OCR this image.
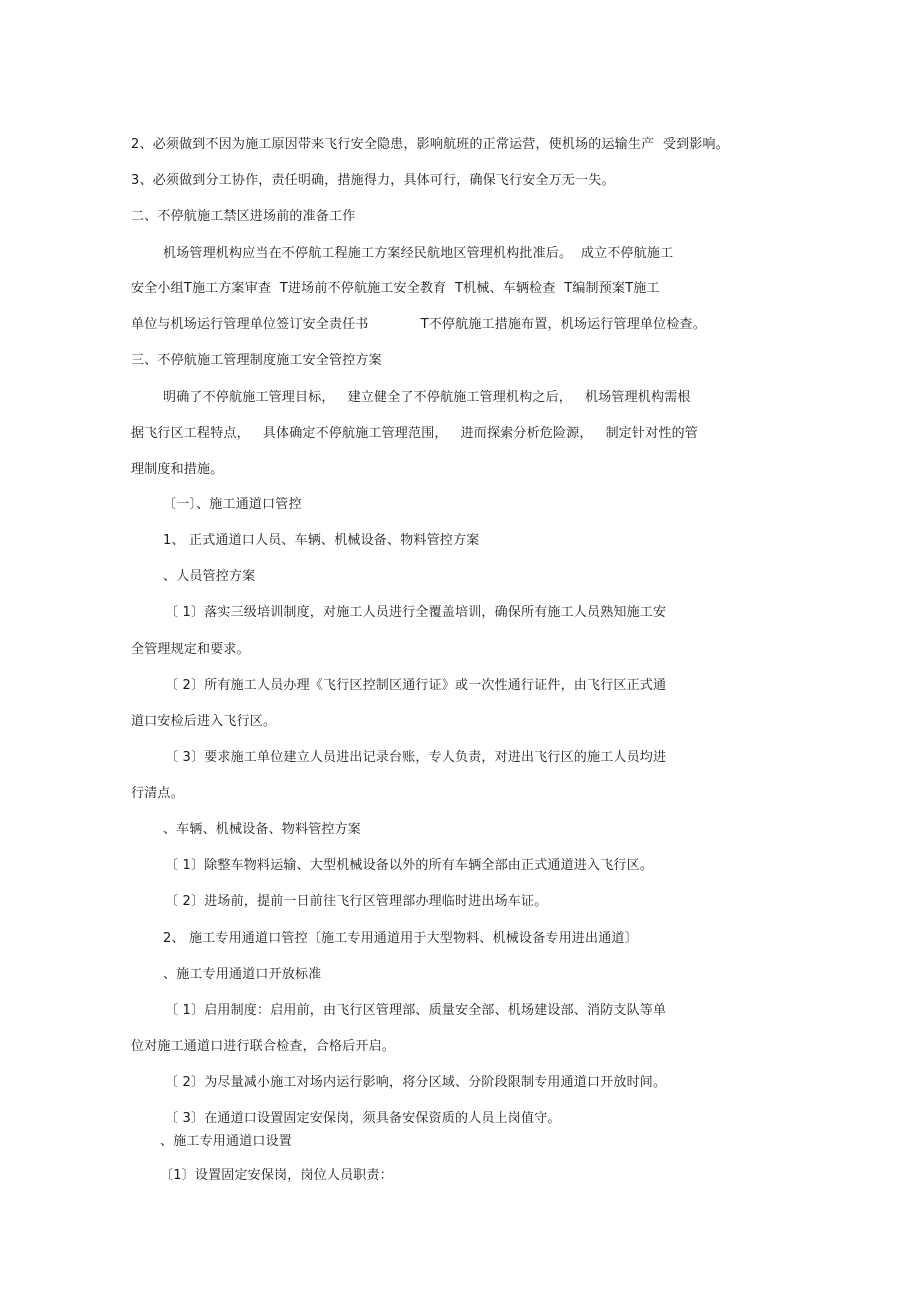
2、必须做到不因为施工原因带来飞行安全隐患，影响航班的正常运营，使机场的运输生产  受到影响。
3、必须做到分工协作，责任明确，措施得力，具体可行，确保飞行安全万无一失。
二、不停航施工禁区进场前的准备工作
机场管理机构应当在不停航工程施工方案经民航地区管理机构批准后。  成立不停航施工
安全小组T施工方案审查  T进场前不停航施工安全教育  T机械、车辆检查  T编制预案T施工
单位与机场运行管理单位签订安全责任书            T不停航施工措施布置，机场运行管理单位检查。
三、不停航施工管理制度施工安全管控方案
明确了不停航施工管理目标，   建立健全了不停航施工管理机构之后，   机场管理机构需根
据飞行区工程特点，   具体确定不停航施工管理范围，   进而探索分析危险源，   制定针对性的管
理制度和措施。
〔一〕、施工通道口管控
1、 正式通道口人员、车辆、机械设备、物料管控方案
、人员管控方案
〔 1〕落实三级培训制度，对施工人员进行全覆盖培训，确保所有施工人员熟知施工安
全管理规定和要求。
〔 2〕所有施工人员办理《飞行区控制区通行证》或一次性通行证件，由飞行区正式通
道口安检后进入飞行区。
〔 3〕要求施工单位建立人员进出记录台账，专人负责，对进出飞行区的施工人员均进
行清点。
、车辆、机械设备、物料管控方案
〔 1〕除整车物料运输、大型机械设备以外的所有车辆全部由正式通道进入飞行区。
〔 2〕进场前，提前一日前往飞行区管理部办理临时进出场车证。
2、 施工专用通道口管控〔施工专用通道用于大型物料、机械设备专用进出通道〕
、施工专用通道口开放标准
〔 1〕启用制度：启用前，由飞行区管理部、质量安全部、机场建设部、消防支队等单
位对施工通道口进行联合检查，合格后开启。
〔 2〕为尽量减小施工对场内运行影响，将分区域、分阶段限制专用通道口开放时间。
〔 3〕在通道口设置固定安保岗，须具备安保资质的人员上岗值守。
、施工专用通道口设置
〔1〕设置固定安保岗，岗位人员职责：
